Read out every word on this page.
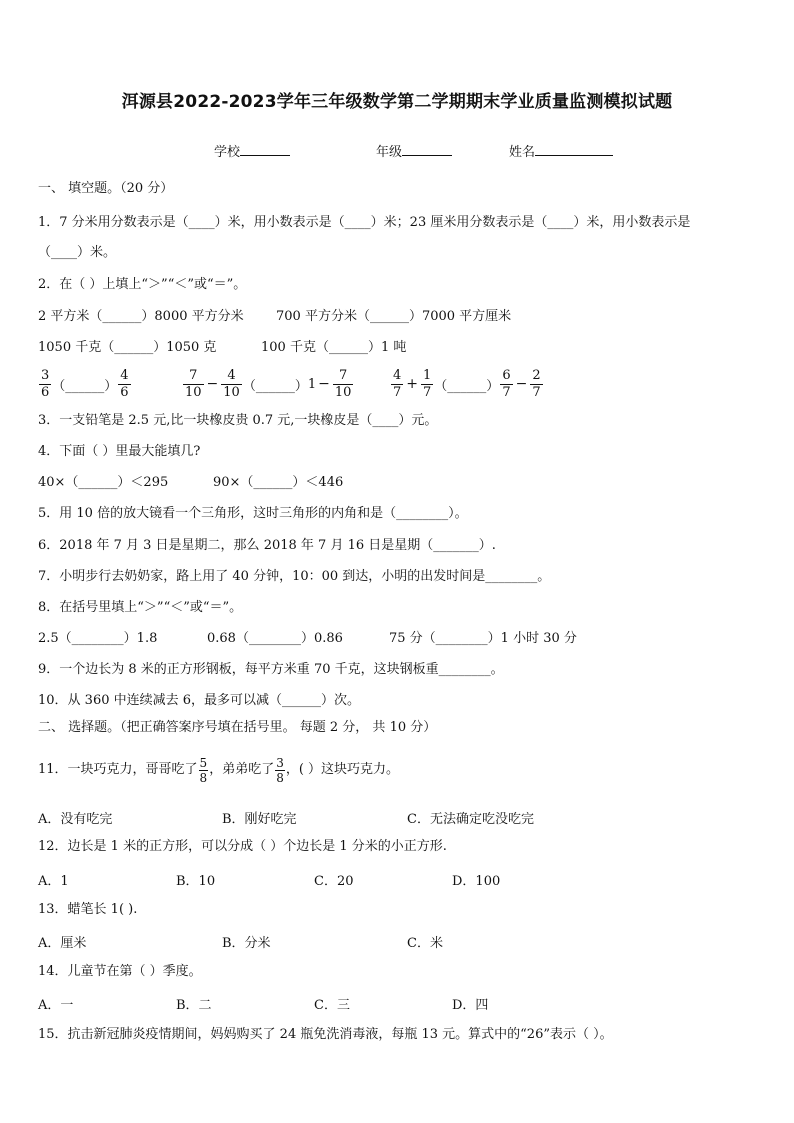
洱源县2022-2023学年三年级数学第二学期期末学业质量监测模拟试题
学校	年级	姓名
一、 填空题。（20 分）
1．7 分米用分数表示是（____）米，用小数表示是（____）米；23 厘米用分数表示是（____）米，用小数表示是
（____）米。
2．在（ ）上填上“＞”“＜”或“＝”。
2 平方米（______）8000 平方分米 700 平方分米（______）7000 平方厘米
1050 千克（______）1050 克	100 千克（______）1 吨
$\frac{3}{6}$ （______） $\frac{4}{6}$	$\frac{7}{10} - \frac{4}{10}$ （______） $1 - \frac{7}{10}$	$\frac{4}{7} + \frac{1}{7}$ （______） $\frac{6}{7} - \frac{2}{7}$
3．一支铅笔是 2.5 元,比一块橡皮贵 0.7 元,一块橡皮是（____）元。
4．下面（ ）里最大能填几?
40×（______）＜295	90×（______）＜446
5．用 10 倍的放大镜看一个三角形，这时三角形的内角和是（________）。
6．2018 年 7 月 3 日是星期二，那么 2018 年 7 月 16 日是星期（_______）.
7．小明步行去奶奶家，路上用了 40 分钟，10：00 到达，小明的出发时间是________。
8．在括号里填上“＞”“＜”或“＝”。
2.5（________）1.8	0.68（________）0.86	75 分（________）1 小时 30 分
9．一个边长为 8 米的正方形钢板，每平方米重 70 千克，这块钢板重________。
10．从 360 中连续减去 6，最多可以减（______）次。
二、 选择题。（把正确答案序号填在括号里。 每题 2 分， 共 10 分）
11．一块巧克力，哥哥吃了 $\frac{5}{8}$ ，弟弟吃了 $\frac{3}{8}$ ，( ）这块巧克力。
A．没有吃完	B．刚好吃完	C．无法确定吃没吃完
12．边长是 1 米的正方形，可以分成（ ）个边长是 1 分米的小正方形.
A．1	B．10	C．20	D．100
13．蜡笔长 1( ).
A．厘米	B．分米	C．米
14．儿童节在第（ ）季度。
A．一	B．二	C．三	D．四
15．抗击新冠肺炎疫情期间，妈妈购买了 24 瓶免洗消毒液，每瓶 13 元。算式中的“26”表示（ ）。
